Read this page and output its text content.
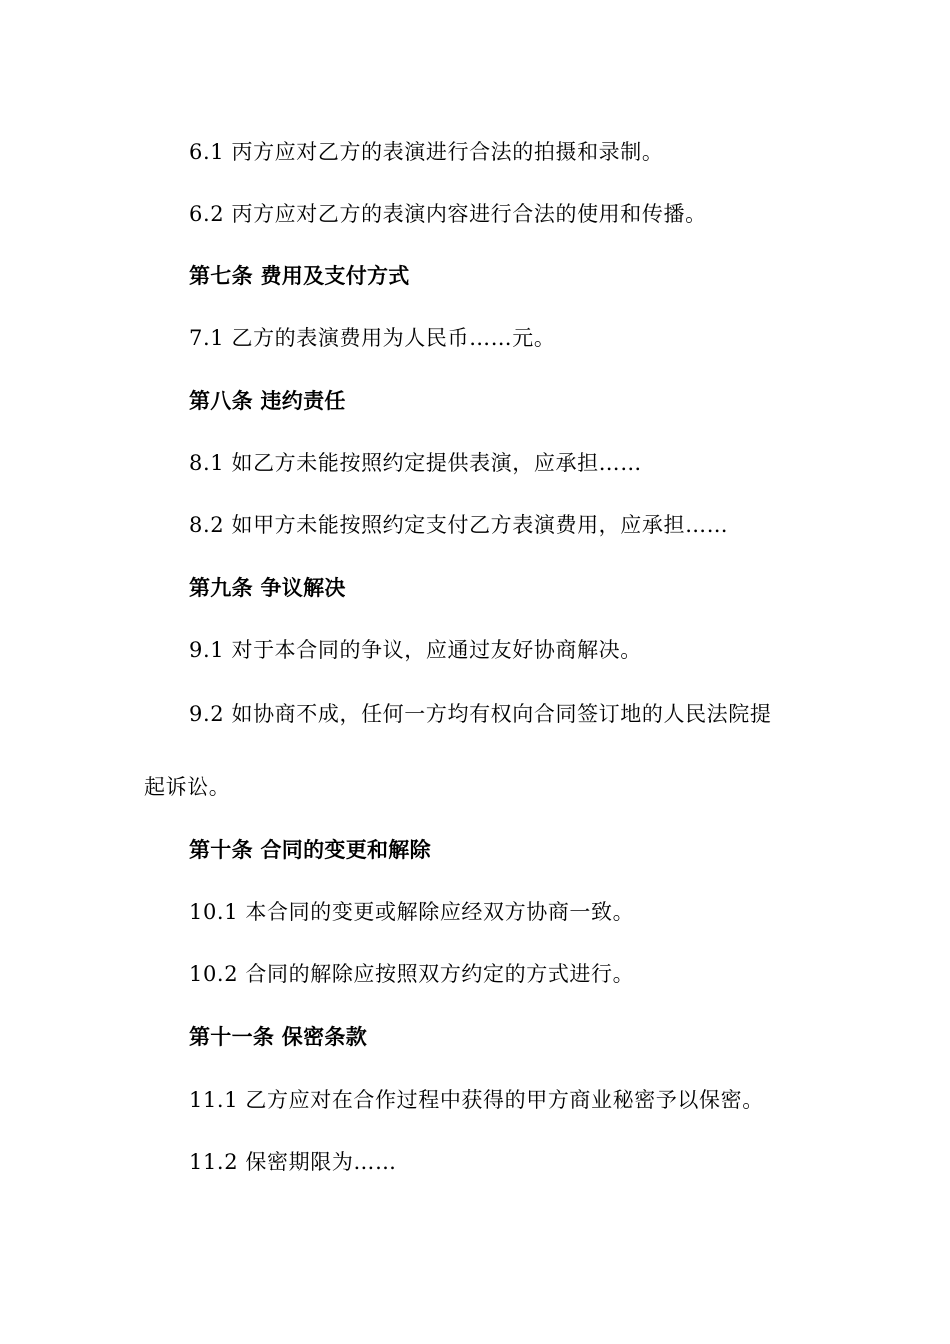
6.1 丙方应对乙方的表演进行合法的拍摄和录制。
6.2 丙方应对乙方的表演内容进行合法的使用和传播。
第七条 费用及支付方式
7.1 乙方的表演费用为人民币……元。
第八条 违约责任
8.1 如乙方未能按照约定提供表演，应承担……
8.2 如甲方未能按照约定支付乙方表演费用，应承担……
第九条 争议解决
9.1 对于本合同的争议，应通过友好协商解决。
9.2 如协商不成，任何一方均有权向合同签订地的人民法院提
起诉讼。
第十条 合同的变更和解除
10.1 本合同的变更或解除应经双方协商一致。
10.2 合同的解除应按照双方约定的方式进行。
第十一条 保密条款
11.1 乙方应对在合作过程中获得的甲方商业秘密予以保密。
11.2 保密期限为……
